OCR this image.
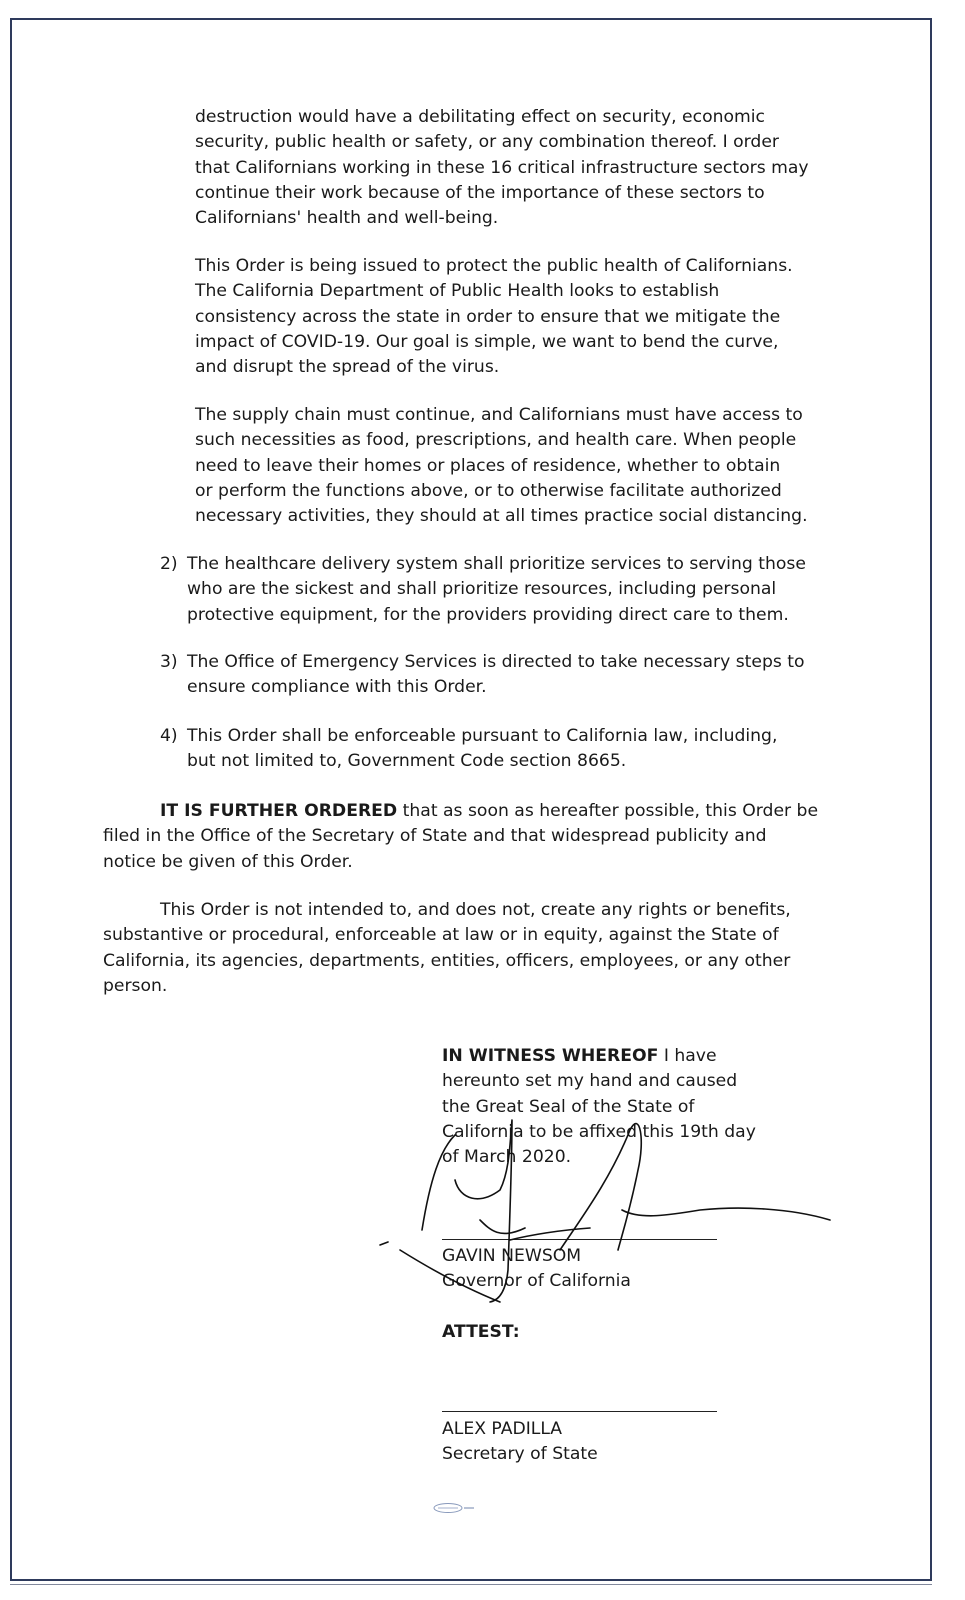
destruction would have a debilitating effect on security, economic
security, public health or safety, or any combination thereof. I order
that Californians working in these 16 critical infrastructure sectors may
continue their work because of the importance of these sectors to
Californians' health and well-being.
This Order is being issued to protect the public health of Californians.
The California Department of Public Health looks to establish
consistency across the state in order to ensure that we mitigate the
impact of COVID-19. Our goal is simple, we want to bend the curve,
and disrupt the spread of the virus.
The supply chain must continue, and Californians must have access to
such necessities as food, prescriptions, and health care. When people
need to leave their homes or places of residence, whether to obtain
or perform the functions above, or to otherwise facilitate authorized
necessary activities, they should at all times practice social distancing.
2) The healthcare delivery system shall prioritize services to serving those
who are the sickest and shall prioritize resources, including personal
protective equipment, for the providers providing direct care to them.
3) The Office of Emergency Services is directed to take necessary steps to
ensure compliance with this Order.
4) This Order shall be enforceable pursuant to California law, including,
but not limited to, Government Code section 8665.
IT IS FURTHER ORDERED that as soon as hereafter possible, this Order be
filed in the Office of the Secretary of State and that widespread publicity and
notice be given of this Order.
This Order is not intended to, and does not, create any rights or benefits,
substantive or procedural, enforceable at law or in equity, against the State of
California, its agencies, departments, entities, officers, employees, or any other
person.
IN WITNESS WHEREOF I have
hereunto set my hand and caused
the Great Seal of the State of
California to be affixed this 19th day
of March 2020.
GAVIN NEWSOM
Governor of California
ATTEST:
ALEX PADILLA
Secretary of State
